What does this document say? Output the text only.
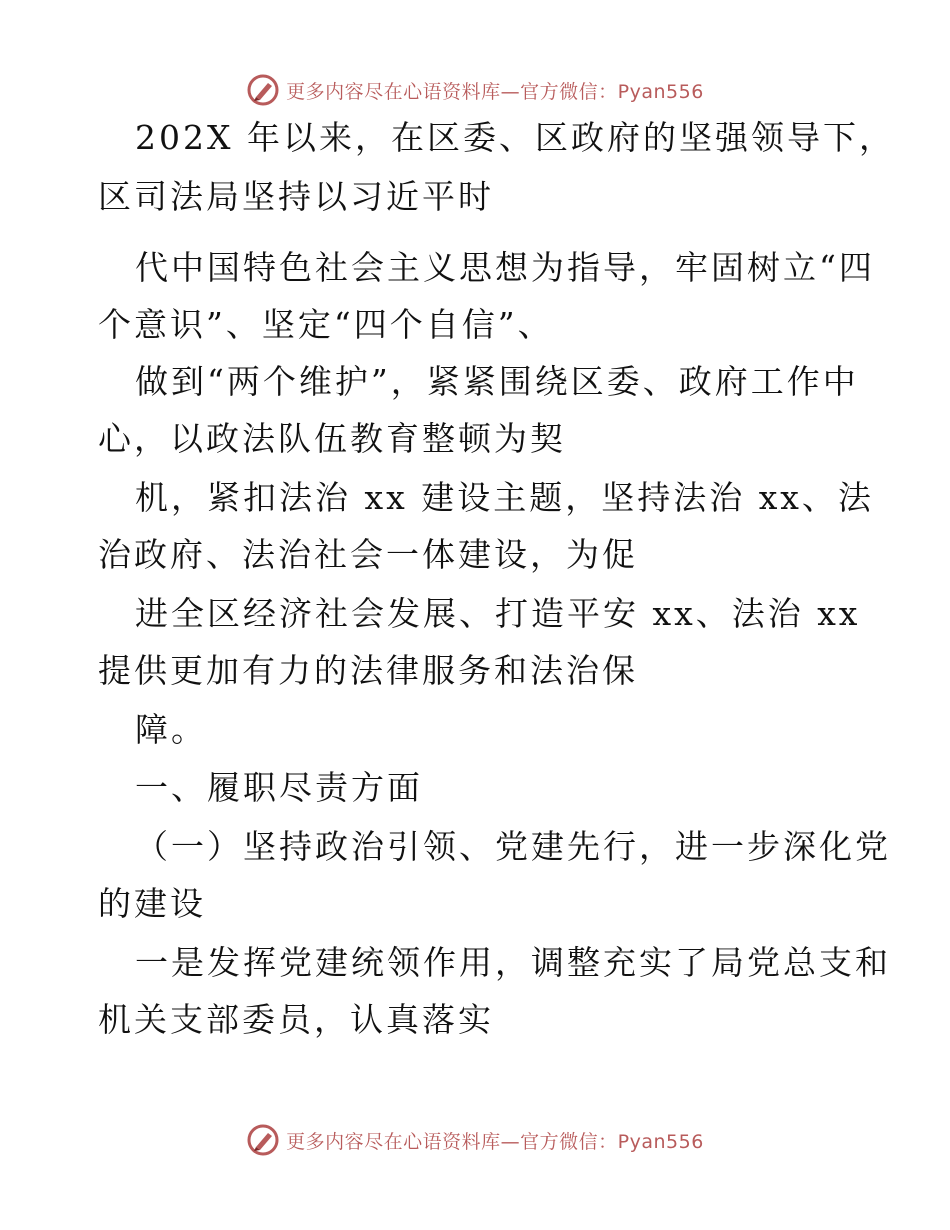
更多内容尽在心语资料库—官方微信：Pyan556
202X 年以来，在区委、区政府的坚强领导下，
区司法局坚持以习近平时
代中国特色社会主义思想为指导，牢固树立“四
个意识”、坚定“四个自信”、
做到“两个维护”，紧紧围绕区委、政府工作中
心，以政法队伍教育整顿为契
机，紧扣法治 xx 建设主题，坚持法治 xx、法
治政府、法治社会一体建设，为促
进全区经济社会发展、打造平安 xx、法治 xx
提供更加有力的法律服务和法治保
障。
一、履职尽责方面
（一）坚持政治引领、党建先行，进一步深化党
的建设
一是发挥党建统领作用，调整充实了局党总支和
机关支部委员，认真落实
更多内容尽在心语资料库—官方微信：Pyan556
